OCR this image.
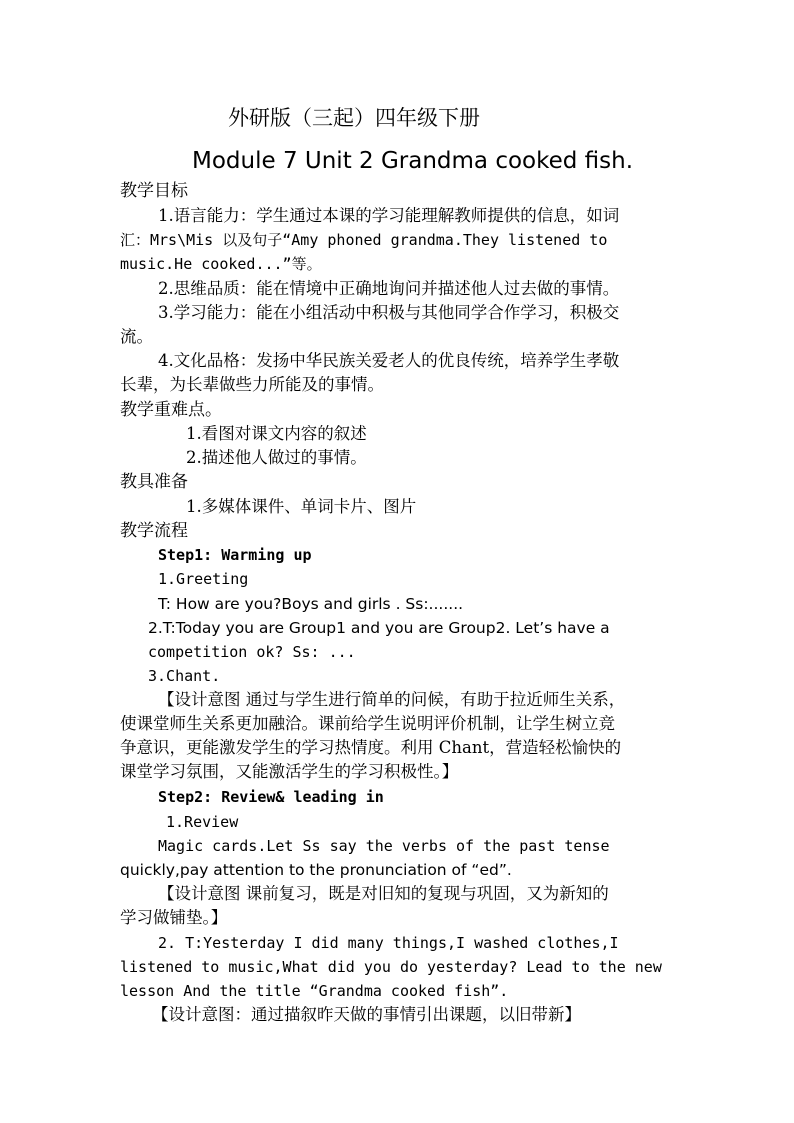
外研版（三起）四年级下册
Module 7 Unit 2 Grandma cooked fish.
教学目标
1.语言能力：学生通过本课的学习能理解教师提供的信息，如词
汇：Mrs\Mis 以及句子“Amy phoned grandma.They listened to
music.He cooked...”等。
2.思维品质：能在情境中正确地询问并描述他人过去做的事情。
3.学习能力：能在小组活动中积极与其他同学合作学习，积极交
流。
4.文化品格：发扬中华民族关爱老人的优良传统，培养学生孝敬
长辈，为长辈做些力所能及的事情。
教学重难点。
1.看图对课文内容的叙述
2.描述他人做过的事情。
教具准备
1.多媒体课件、单词卡片、图片
教学流程
Step1: Warming up
1.Greeting
T: How are you?Boys and girls . Ss:.......
2.T:Today you are Group1 and you are Group2. Let’s have a
competition ok? Ss: ...
3.Chant.
【设计意图 通过与学生进行简单的问候，有助于拉近师生关系，
使课堂师生关系更加融洽。课前给学生说明评价机制，让学生树立竞
争意识，更能激发学生的学习热情度。利用 Chant，营造轻松愉快的
课堂学习氛围，又能激活学生的学习积极性。】
Step2: Review& leading in
1.Review
Magic cards.Let Ss say the verbs of the past tense
quickly,pay attention to the pronunciation of “ed”.
【设计意图 课前复习，既是对旧知的复现与巩固，又为新知的
学习做铺垫。】
2. T:Yesterday I did many things,I washed clothes,I
listened to music,What did you do yesterday? Lead to the new
lesson And the title “Grandma cooked fish”.
【设计意图：通过描叙昨天做的事情引出课题，以旧带新】
